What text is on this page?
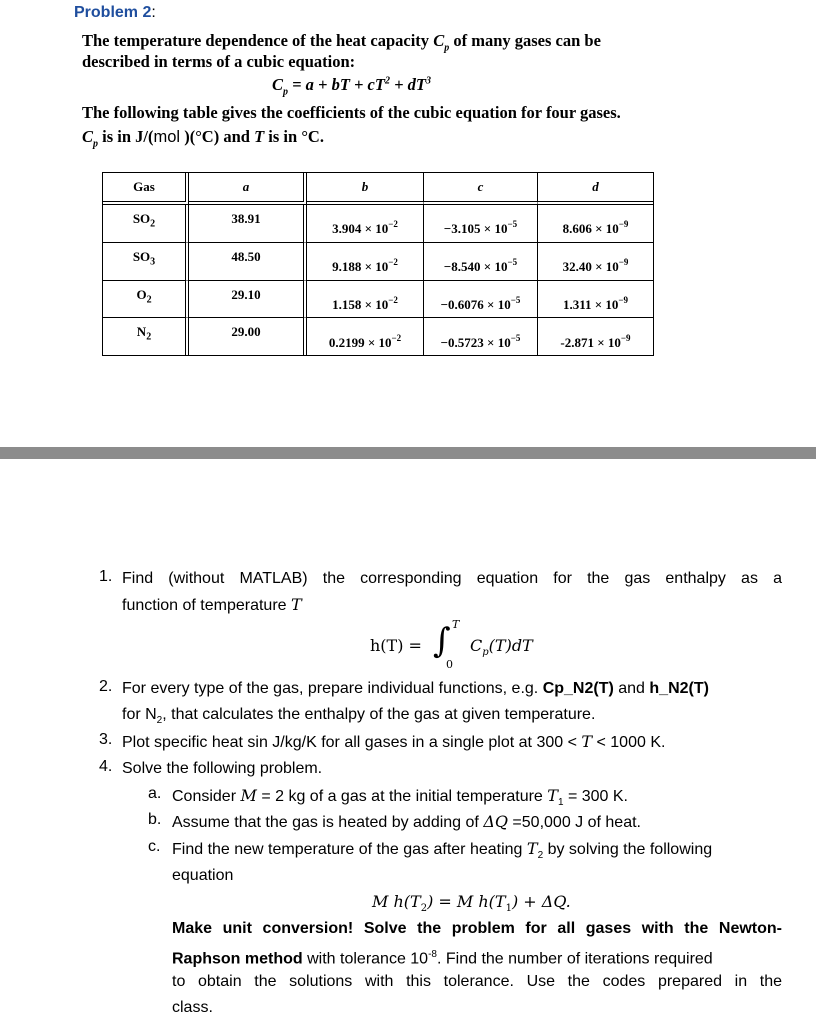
Problem 2:
The temperature dependence of the heat capacity $C_p$ of many gases can be
described in terms of a cubic equation:
$C_p = a$ + bT + $cT^2 + dT^3$
The following table gives the coefficients of the cubic equation for four gases.
$C_p$ is in J/(mol )(°C) and T is in °C.
Gas	a	b	c	d
$SO_2$	38.91	$3.904 \times 10^{-2}$	$-3.105 \times 10^{-5}$	$8.606 \times 10^{-9}$
$SO_3$	48.50	$9.188 \times 10^{-2}$	$-8.540 \times 10^{-5}$	$32.40 \times 10^{-9}$
$O_2$	29.10	$1.158 \times 10^{-2}$	$-0.6076 \times 10^{-5}$	$1.311 \times 10^{-9}$
$N_2$	29.00	$0.2199 \times 10^{-2}$	$-0.5723 \times 10^{-5}$	$-2.871 \times 10^{-9}$
1. Find (without MATLAB) the corresponding equation for the gas enthalpy as a
function of temperature T
h(T) = ∫ T
0
$C_p(T)dT$
2. For every type of the gas, prepare individual functions, e.g. Cp_N2(T) and h_N2(T)
for $N_2$, that calculates the enthalpy of the gas at given temperature.
3. Plot specific heat sin J/kg/K for all gases in a single plot at 300 < T < 1000 K.
4. Solve the following problem.
a. Consider M = 2 kg of a gas at the initial temperature $T_1 = 300$ K.
b. Assume that the gas is heated by adding of ΔQ =50,000 J of heat.
c. Find the new temperature of the gas after heating $T_2$ by solving the following
equation
M $h(T_2) = M$ $h(T_1) + \Delta Q$.
Make unit conversion! Solve the problem for all gases with the Newton-
Raphson method with tolerance $10^{-8}$. Find the number of iterations required
to obtain the solutions with this tolerance. Use the codes prepared in the
class.
